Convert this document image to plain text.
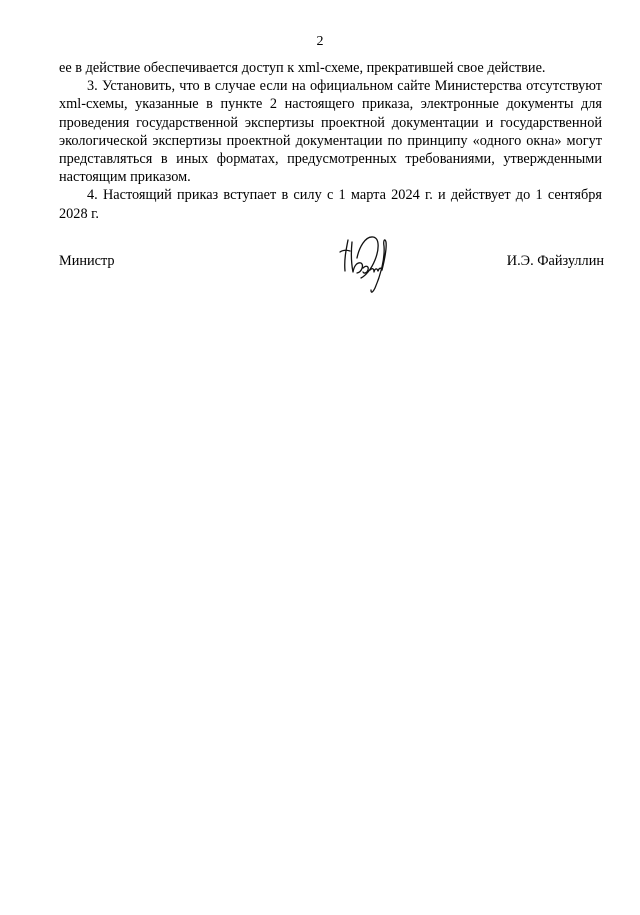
2

ее в действие обеспечивается доступ к xml-схеме, прекратившей свое действие.

3. Установить, что в случае если на официальном сайте Министерства отсутствуют xml-схемы, указанные в пункте 2 настоящего приказа, электронные документы для проведения государственной экспертизы проектной документации и государственной экологической экспертизы проектной документации по принципу «одного окна» могут представляться в иных форматах, предусмотренных требованиями, утвержденными настоящим приказом.

4. Настоящий приказ вступает в силу с 1 марта 2024 г. и действует до 1 сентября 2028 г.

Министр	И.Э. Файзуллин
